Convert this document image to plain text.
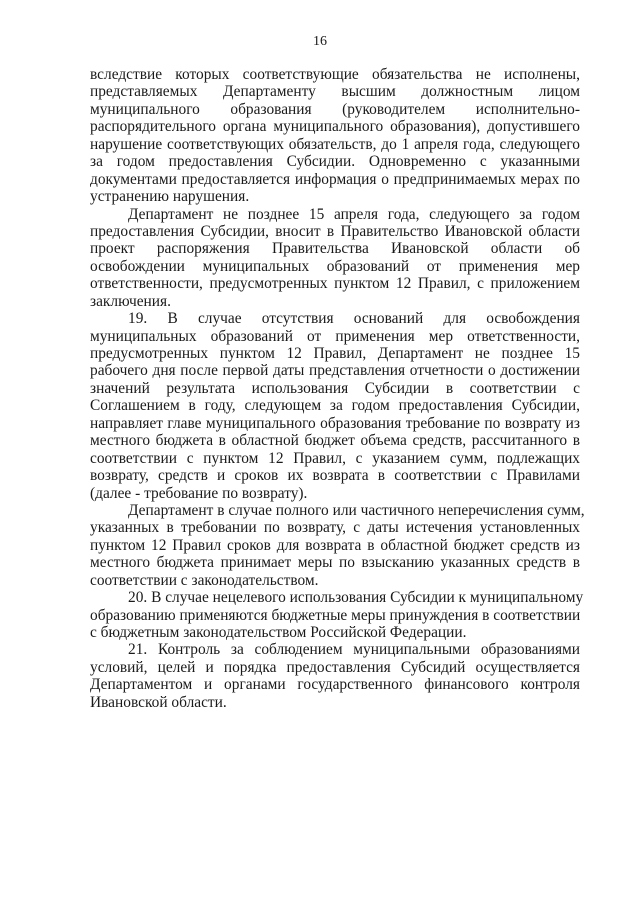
16
вследствие которых соответствующие обязательства не исполнены,
представляемых Департаменту высшим должностным лицом
муниципального образования (руководителем исполнительно-
распорядительного органа муниципального образования), допустившего
нарушение соответствующих обязательств, до 1 апреля года, следующего
за годом предоставления Субсидии. Одновременно с указанными
документами предоставляется информация о предпринимаемых мерах по
устранению нарушения.
Департамент не позднее 15 апреля года, следующего за годом
предоставления Субсидии, вносит в Правительство Ивановской области
проект распоряжения Правительства Ивановской области об
освобождении муниципальных образований от применения мер
ответственности, предусмотренных пунктом 12 Правил, с приложением
заключения.
19. В случае отсутствия оснований для освобождения
муниципальных образований от применения мер ответственности,
предусмотренных пунктом 12 Правил, Департамент не позднее 15
рабочего дня после первой даты представления отчетности о достижении
значений результата использования Субсидии в соответствии с
Соглашением в году, следующем за годом предоставления Субсидии,
направляет главе муниципального образования требование по возврату из
местного бюджета в областной бюджет объема средств, рассчитанного в
соответствии с пунктом 12 Правил, с указанием сумм, подлежащих
возврату, средств и сроков их возврата в соответствии с Правилами
(далее - требование по возврату).
Департамент в случае полного или частичного неперечисления сумм,
указанных в требовании по возврату, с даты истечения установленных
пунктом 12 Правил сроков для возврата в областной бюджет средств из
местного бюджета принимает меры по взысканию указанных средств в
соответствии с законодательством.
20. В случае нецелевого использования Субсидии к муниципальному
образованию применяются бюджетные меры принуждения в соответствии
с бюджетным законодательством Российской Федерации.
21. Контроль за соблюдением муниципальными образованиями
условий, целей и порядка предоставления Субсидий осуществляется
Департаментом и органами государственного финансового контроля
Ивановской области.
